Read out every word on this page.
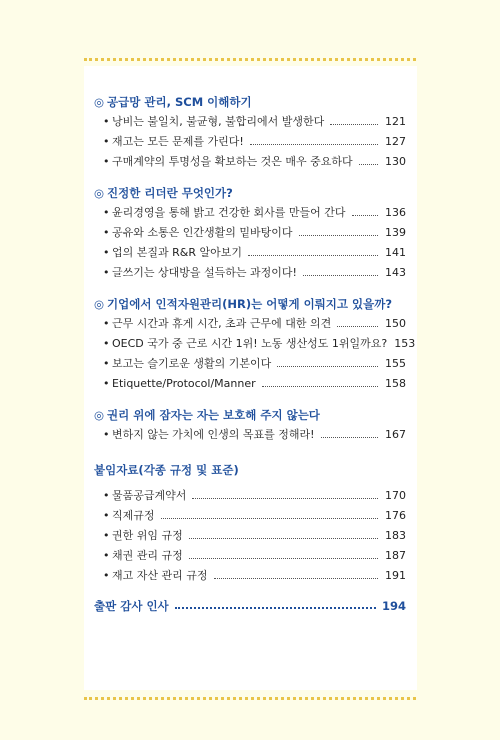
◎ 공급망 관리, SCM 이해하기
• 낭비는 불일치, 불균형, 불합리에서 발생한다	121
• 재고는 모든 문제를 가린다!	127
• 구매계약의 투명성을 확보하는 것은 매우 중요하다	130
◎ 진정한 리더란 무엇인가?
• 윤리경영을 통해 밝고 건강한 회사를 만들어 간다	136
• 공유와 소통은 인간생활의 밑바탕이다	139
• 업의 본질과 R&R 알아보기	141
• 글쓰기는 상대방을 설득하는 과정이다!	143
◎ 기업에서 인적자원관리(HR)는 어떻게 이뤄지고 있을까?
• 근무 시간과 휴게 시간, 초과 근무에 대한 의견	150
• OECD 국가 중 근로 시간 1위! 노동 생산성도 1위일까요? 153
• 보고는 슬기로운 생활의 기본이다	155
• Etiquette/Protocol/Manner	158
◎ 권리 위에 잠자는 자는 보호해 주지 않는다
• 변하지 않는 가치에 인생의 목표를 정해라!	167
붙임자료(각종 규정 및 표준)
• 물품공급계약서	170
• 직제규정	176
• 권한 위임 규정	183
• 채권 관리 규정	187
• 재고 자산 관리 규정	191
출판 감사 인사	194
